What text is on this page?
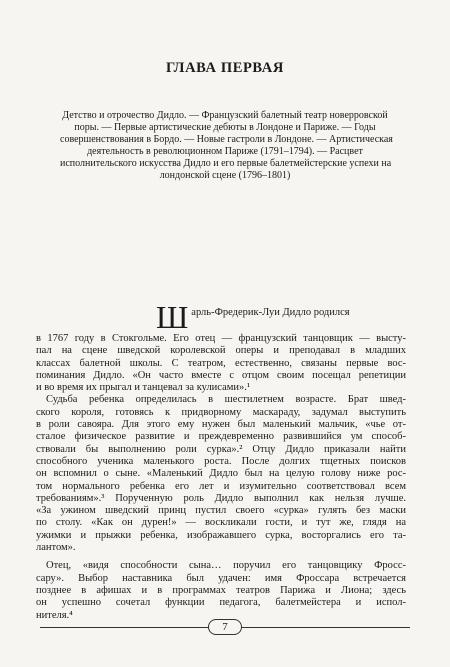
ГЛАВА ПЕРВАЯ
Детство и отрочество Дидло. — Французский балетный театр новерровской
поры. — Первые артистические дебюты в Лондоне и Париже. — Годы
совершенствования в Бордо. — Новые гастроли в Лондоне. — Артистическая
деятельность в революционном Париже (1791–1794). — Расцвет
исполнительского искусства Дидло и его первые балетмейстерские успехи на
лондонской сцене (1796–1801)
Ш арль-Фредерик-Луи Дидло родился
в 1767 году в Стокгольме. Его отец — французский танцовщик — высту-
пал на сцене шведской королевской оперы и преподавал в младших
классах балетной школы. С театром, естественно, связаны первые вос-
поминания Дидло. «Он часто вместе с отцом своим посещал репетиции
и во время их прыгал и танцевал за кулисами».¹
Судьба ребенка определилась в шестилетнем возрасте. Брат швед-
ского короля, готовясь к придворному маскараду, задумал выступить
в роли савояра. Для этого ему нужен был маленький мальчик, «чье от-
сталое физическое развитие и преждевременно развившийся ум способ-
ствовали бы выполнению роли сурка».² Отцу Дидло приказали найти
способного ученика маленького роста. После долгих тщетных поисков
он вспомнил о сыне. «Маленький Дидло был на целую голову ниже рос-
том нормального ребенка его лет и изумительно соответствовал всем
требованиям».³ Порученную роль Дидло выполнил как нельзя лучше.
«За ужином шведский принц пустил своего «сурка» гулять без маски
по столу. «Как он дурен!» — воскликали гости, и тут же, глядя на
ужимки и прыжки ребенка, изображавшего сурка, восторгались его та-
лантом».
Отец, «видя способности сына… поручил его танцовщику Фросс-
сару». Выбор наставника был удачен: имя Фроссара встречается
позднее в афишах и в программах театров Парижа и Лиона; здесь
он успешно сочетал функции педагога, балетмейстера и испол-
нителя.⁴
7
